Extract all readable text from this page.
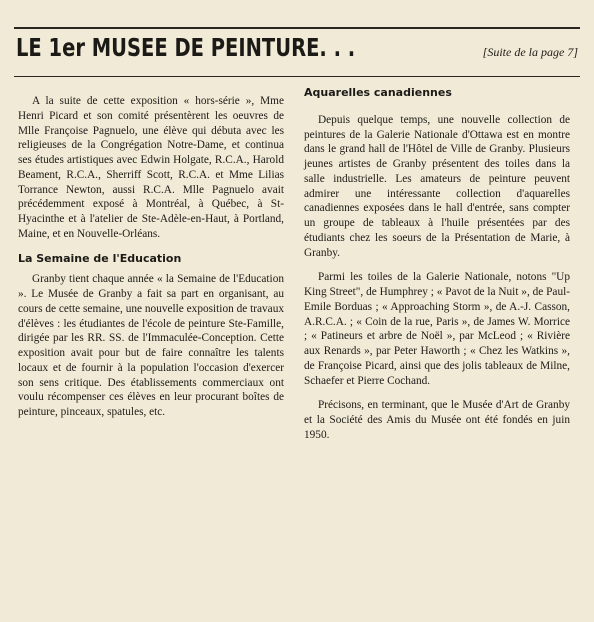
LE 1er MUSEE DE PEINTURE. . .	[Suite de la page 7]

A la suite de cette exposition « hors-série », Mme Henri Picard et son comité présentèrent les oeuvres de Mlle Françoise Pagnuelo, une élève qui débuta avec les religieuses de la Congrégation Notre-Dame, et continua ses études artistiques avec Edwin Holgate, R.C.A., Harold Beament, R.C.A., Sherriff Scott, R.C.A. et Mme Lilias Torrance Newton, aussi R.C.A. Mlle Pagnuelo avait précédemment exposé à Montréal, à Québec, à St-Hyacinthe et à l'atelier de Ste-Adèle-en-Haut, à Portland, Maine, et en Nouvelle-Orléans.

La Semaine de l'Education

Granby tient chaque année « la Semaine de l'Education ». Le Musée de Granby a fait sa part en organisant, au cours de cette semaine, une nouvelle exposition de travaux d'élèves : les étudiantes de l'école de peinture Ste-Famille, dirigée par les RR. SS. de l'Immaculée-Conception. Cette exposition avait pour but de faire connaître les talents locaux et de fournir à la population l'occasion d'exercer son sens critique. Des établissements commerciaux ont voulu récompenser ces élèves en leur procurant boîtes de peinture, pinceaux, spatules, etc.

Aquarelles canadiennes

Depuis quelque temps, une nouvelle collection de peintures de la Galerie Nationale d'Ottawa est en montre dans le grand hall de l'Hôtel de Ville de Granby. Plusieurs jeunes artistes de Granby présentent des toiles dans la salle industrielle. Les amateurs de peinture peuvent admirer une intéressante collection d'aquarelles canadiennes exposées dans le hall d'entrée, sans compter un groupe de tableaux à l'huile présentées par des étudiants chez les soeurs de la Présentation de Marie, à Granby.

Parmi les toiles de la Galerie Nationale, notons "Up King Street", de Humphrey ; « Pavot de la Nuit », de Paul-Emile Borduas ; « Approaching Storm », de A.-J. Casson, A.R.C.A. ; « Coin de la rue, Paris », de James W. Morrice ; « Patineurs et arbre de Noël », par McLeod ; « Rivière aux Renards », par Peter Haworth ; « Chez les Watkins », de Françoise Picard, ainsi que des jolis tableaux de Milne, Schaefer et Pierre Cochand.

Précisons, en terminant, que le Musée d'Art de Granby et la Société des Amis du Musée ont été fondés en juin 1950.
